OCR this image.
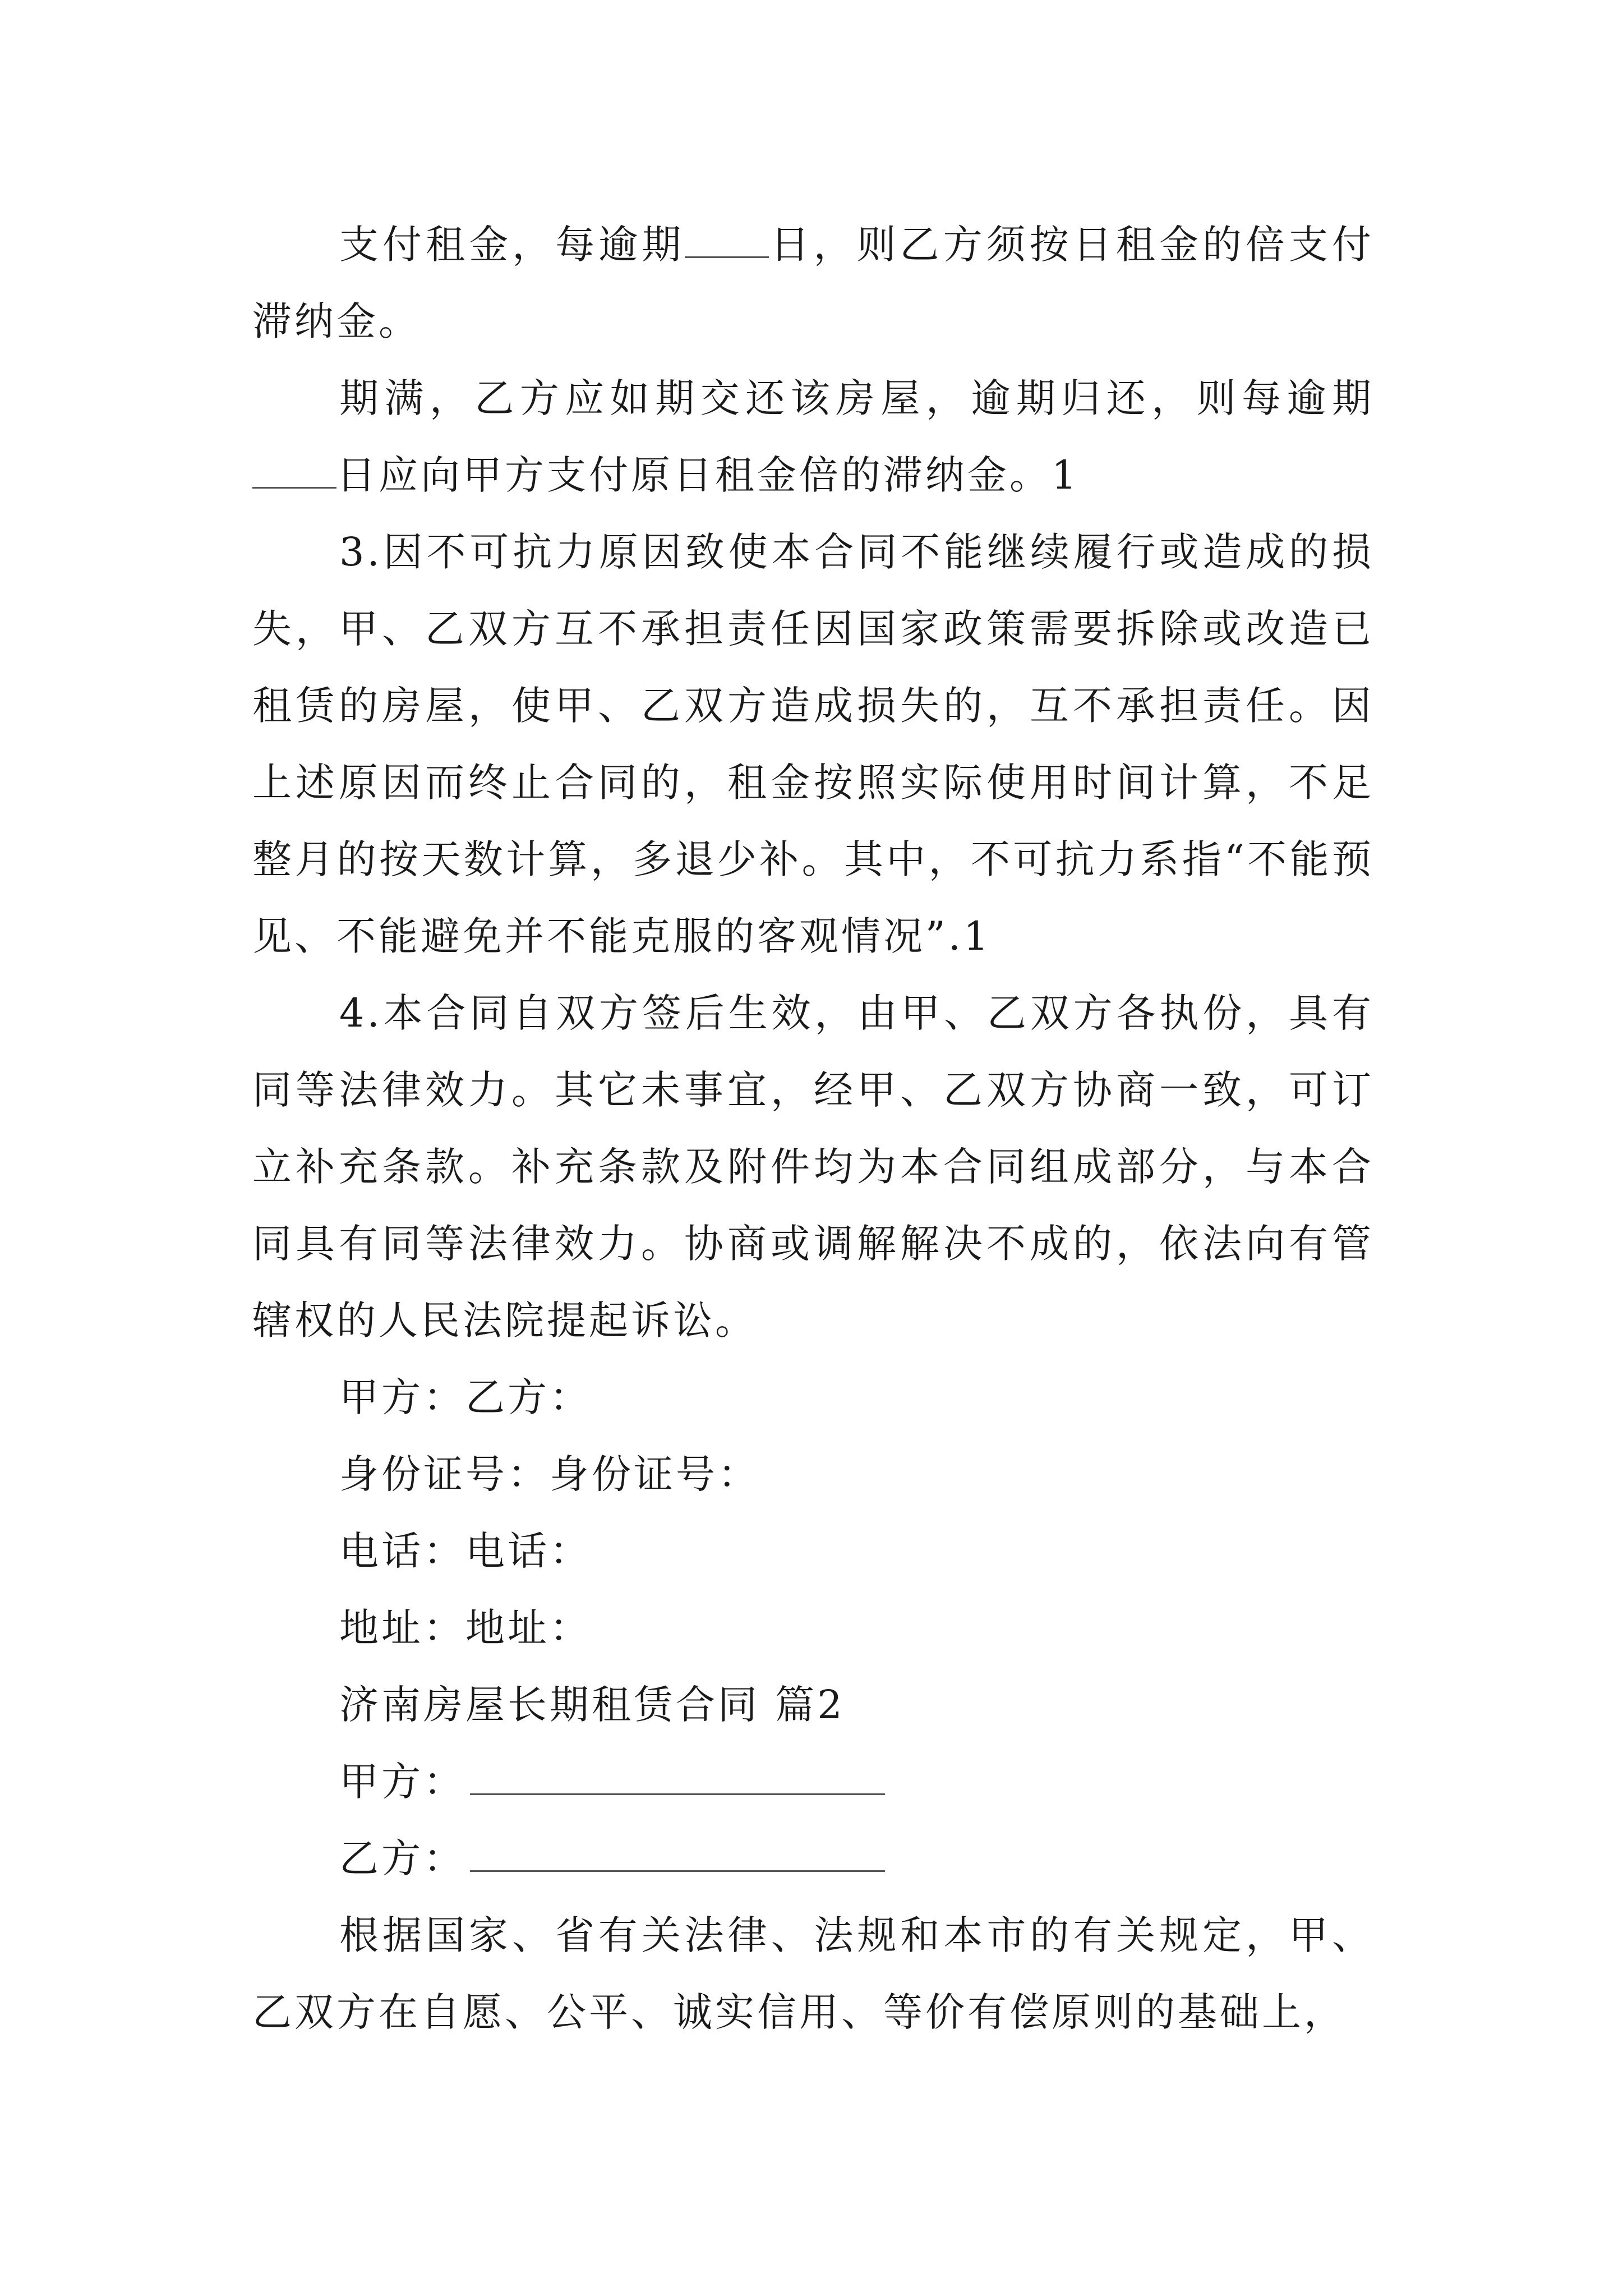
支付租金，每逾期 日，则乙方须按日租金的倍支付滞纳金。

期满，乙方应如期交还该房屋，逾期归还，则每逾期日应向甲方支付原日租金倍的滞纳金。1

3.因不可抗力原因致使本合同不能继续履行或造成的损失，甲、乙双方互不承担责任因国家政策需要拆除或改造已租赁的房屋，使甲、乙双方造成损失的，互不承担责任。因上述原因而终止合同的，租金按照实际使用时间计算，不足整月的按天数计算，多退少补。其中，不可抗力系指“不能预见、不能避免并不能克服的客观情况”.1

4.本合同自双方签后生效，由甲、乙双方各执份，具有同等法律效力。其它未事宜，经甲、乙双方协商一致，可订立补充条款。补充条款及附件均为本合同组成部分，与本合同具有同等法律效力。协商或调解解决不成的，依法向有管辖权的人民法院提起诉讼。

甲方：乙方：

身份证号：身份证号：

电话：电话：

地址：地址：

济南房屋长期租赁合同 篇2

甲方：

乙方：

根据国家、省有关法律、法规和本市的有关规定，甲、乙双方在自愿、公平、诚实信用、等价有偿原则的基础上，
